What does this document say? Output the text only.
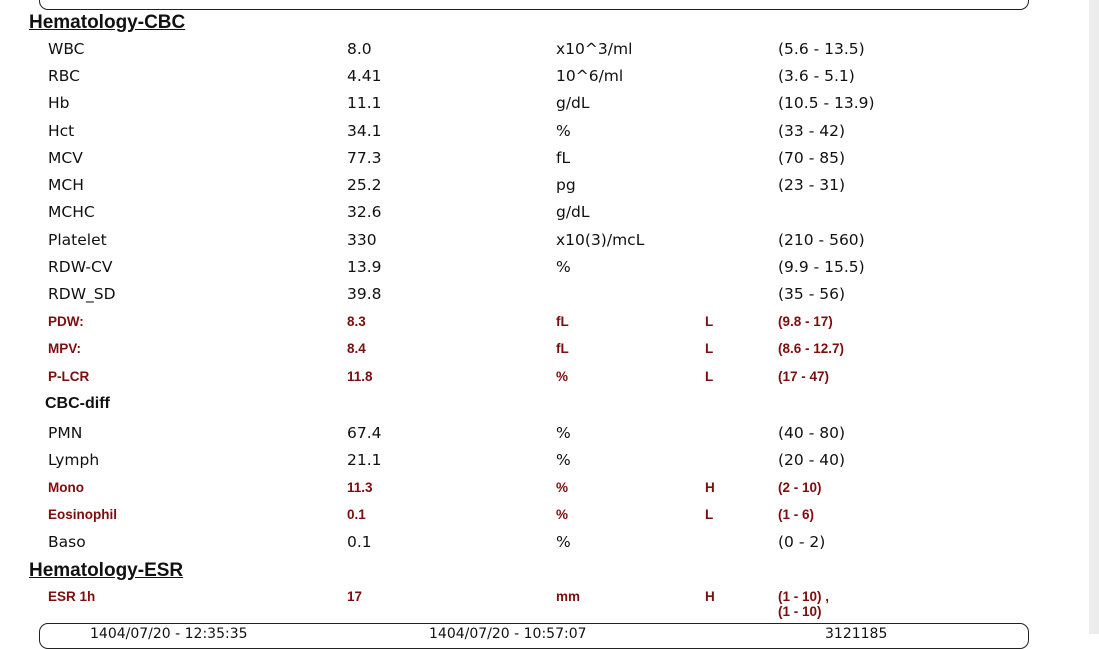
Hematology-CBC
WBC	8.0	x10^3/ml	(5.6 - 13.5)
RBC	4.41	10^6/ml	(3.6 - 5.1)
Hb	11.1	g/dL	(10.5 - 13.9)
Hct	34.1	%	(33 - 42)
MCV	77.3	fL	(70 - 85)
MCH	25.2	pg	(23 - 31)
MCHC	32.6	g/dL
Platelet	330	x10(3)/mcL	(210 - 560)
RDW-CV	13.9	%	(9.9 - 15.5)
RDW_SD	39.8	(35 - 56)
PDW:	8.3	fL	L	(9.8 - 17)
MPV:	8.4	fL	L	(8.6 - 12.7)
P-LCR	11.8	%	L	(17 - 47)
CBC-diff
PMN	67.4	%	(40 - 80)
Lymph	21.1	%	(20 - 40)
Mono	11.3	%	H	(2 - 10)
Eosinophil	0.1	%	L	(1 - 6)
Baso	0.1	%	(0 - 2)
Hematology-ESR
ESR 1h	17	mm	H	(1 - 10) ,
(1 - 10)
1404/07/20 - 12:35:35	1404/07/20 - 10:57:07	3121185
